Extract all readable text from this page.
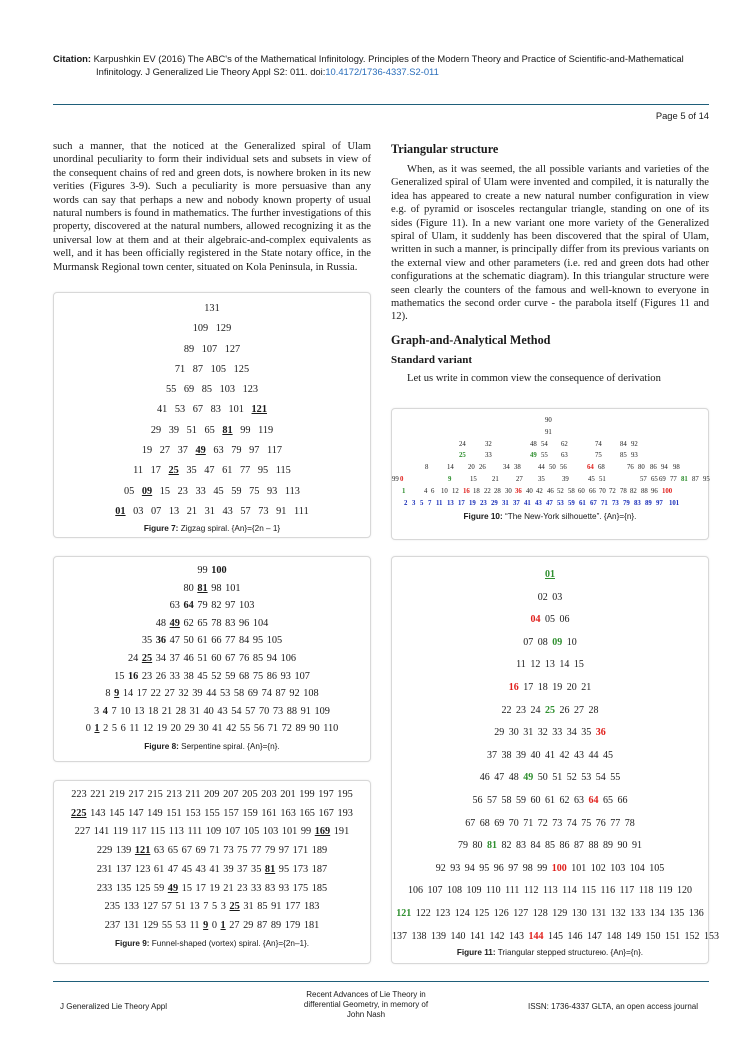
Citation: Karpushkin EV (2016) The ABC's of the Mathematical Infinitology. Principles of the Modern Theory and Practice of Scientific-and-Mathematical
Infinitology. J Generalized Lie Theory Appl S2: 011. doi:10.4172/1736-4337.S2-011
Page 5 of 14

such a manner, that the noticed at the Generalized spiral of Ulam unordinal peculiarity to form their individual sets and subsets in view of the consequent chains of red and green dots, is nowhere broken in its new verities (Figures 3-9). Such a peculiarity is more persuasive than any words can say that perhaps a new and nobody known property of usual natural numbers is found in mathematics. The further investigations of this property, discovered at the natural numbers, allowed recognizing it as the universal low at them and at their algebraic-and-complex equivalents as well, and it has been officially registered in the State notary office, in the Murmansk Regional town center, situated on Kola Peninsula, in Russia.

131
109 129
89 107 127
71 87 105 125
55 69 85 103 123
41 53 67 83 101 121
29 39 51 65 81 99 119
19 27 37 49 63 79 97 117
11 17 25 35 47 61 77 95 115
05 09 15 23 33 45 59 75 93 113
01 03 07 13 21 31 43 57 73 91 111
Figure 7: Zigzag spiral. {An}={2n – 1}
99 100
80 81 98 101
63 64 79 82 97 103
48 49 62 65 78 83 96 104
35 36 47 50 61 66 77 84 95 105
24 25 34 37 46 51 60 67 76 85 94 106
15 16 23 26 33 38 45 52 59 68 75 86 93 107
8 9 14 17 22 27 32 39 44 53 58 69 74 87 92 108
3 4 7 10 13 18 21 28 31 40 43 54 57 70 73 88 91 109
0 1 2 5 6 11 12 19 20 29 30 41 42 55 56 71 72 89 90 110
Figure 8: Serpentine spiral. {An}={n}.
223 221 219 217 215 213 211 209 207 205 203 201 199 197 195
225 143 145 147 149 151 153 155 157 159 161 163 165 167 193
227 141 119 117 115 113 111 109 107 105 103 101 99 169 191
229 139 121 63 65 67 69 71 73 75 77 79 97 171 189
231 137 123 61 47 45 43 41 39 37 35 81 95 173 187
233 135 125 59 49 15 17 19 21 23 33 83 93 175 185
235 133 127 57 51 13 7 5 3 25 31 85 91 177 183
237 131 129 55 53 11 9 0 1 27 29 87 89 179 181
Figure 9: Funnel-shaped (vortex) spiral. {An}={2n–1}.
Triangular structure

When, as it was seemed, the all possible variants and varieties of the Generalized spiral of Ulam were invented and compiled, it is naturally the idea has appeared to create a new natural number configuration in view e.g. of pyramid or isosceles rectangular triangle, standing on one of its sides (Figure 11). In a new variant one more variety of the Generalized spiral of Ulam, it suddenly has been discovered that the spiral of Ulam, written in such a manner, is principally differ from its previous variants on the external view and other parameters (i.e. red and green dots had other configurations at the schematic diagram). In this triangular structure were seen clearly the counters of the famous and well-known to everyone in mathematics the second order curve - the parabola itself (Figures 11 and 12).

Graph-and-Analytical Method
Standard variant

Let us write in common view the consequence of derivation

90
91
24	32	48 54 62	74	84 92
25	33	49 55 63	75	85 93
8	14 20 26	34 38	44 50 56	64 68	76 80 86 94 98
0	9	15 21	27 35	39	45 51	57 65 69 77 81 87 95
99
1	4 6 10 12 16 18 22 28 30 36 40 42 46 52 58 60 66 70 72 78 82 88 96 100
2 3 5 7 11 13 17 19 23 29 31 37 41 43 47 53 59 61 67 71 73 79 83 89 97 101
Figure 10: “The New-York silhouette”. {An}={n}.
01
02 03
04 05 06
07 08 09 10
11 12 13 14 15
16 17 18 19 20 21
22 23 24 25 26 27 28
29 30 31 32 33 34 35 36
37 38 39 40 41 42 43 44 45
46 47 48 49 50 51 52 53 54 55
56 57 58 59 60 61 62 63 64 65 66
67 68 69 70 71 72 73 74 75 76 77 78
79 80 81 82 83 84 85 86 87 88 89 90 91
92 93 94 95 96 97 98 99 100 101 102 103 104 105
106 107 108 109 110 111 112 113 114 115 116 117 118 119 120
121 122 123 124 125 126 127 128 129 130 131 132 133 134 135 136
137 138 139 140 141 142 143 144 145 146 147 148 149 150 151 152 153
Figure 11: Triangular stepped structureю. {An}={n}.
J Generalized Lie Theory Appl
Recent Advances of Lie Theory in differential Geometry, in memory of John Nash
ISSN: 1736-4337 GLTA, an open access journal
